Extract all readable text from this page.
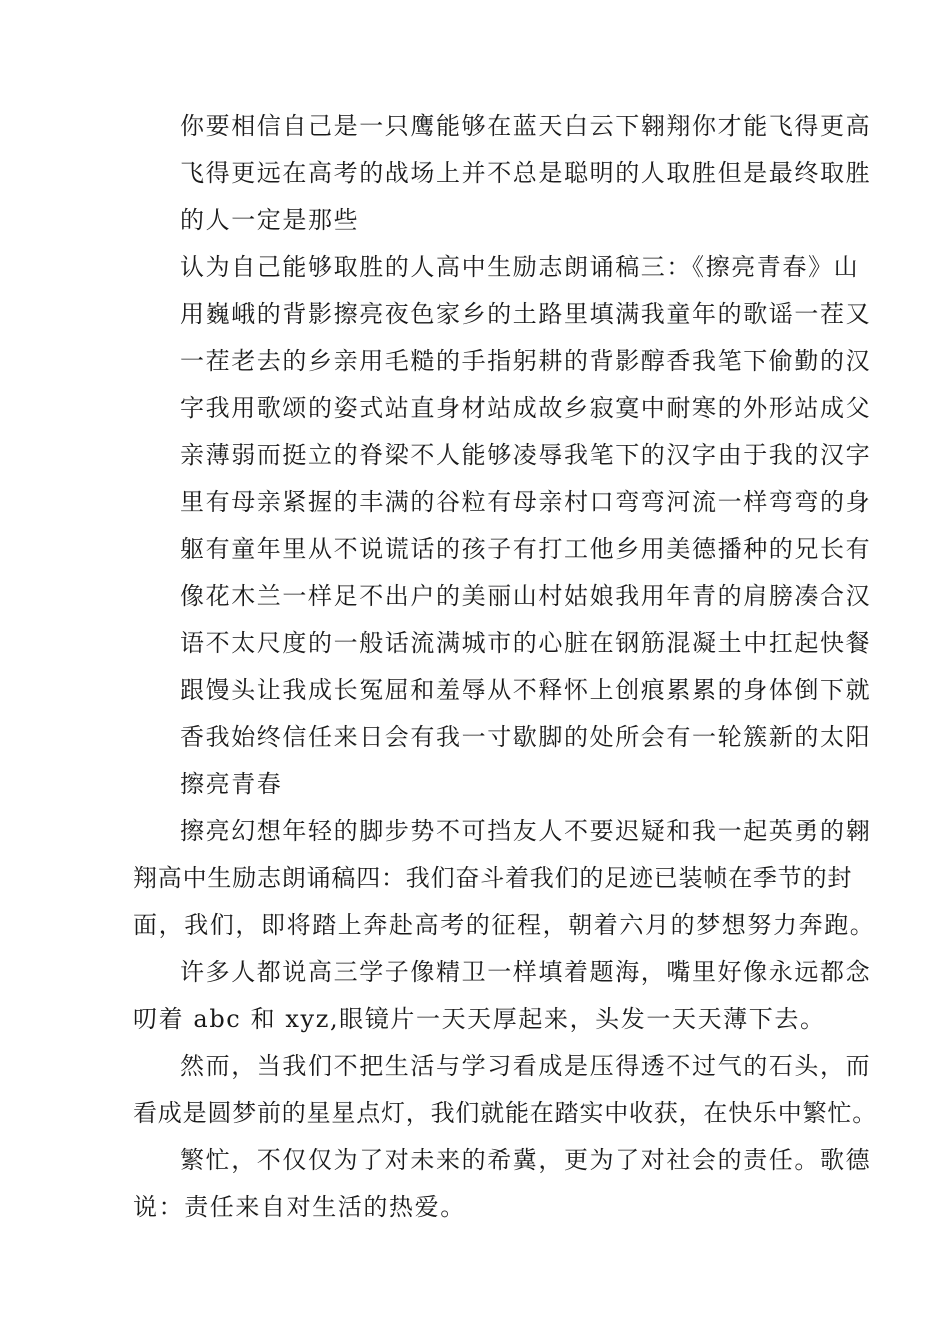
你要相信自己是一只鹰能够在蓝天白云下翱翔你才能飞得更高
飞得更远在高考的战场上并不总是聪明的人取胜但是最终取胜
的人一定是那些
认为自己能够取胜的人高中生励志朗诵稿三：《擦亮青春》山
用巍峨的背影擦亮夜色家乡的土路里填满我童年的歌谣一茬又
一茬老去的乡亲用毛糙的手指躬耕的背影醇香我笔下偷勤的汉
字我用歌颂的姿式站直身材站成故乡寂寞中耐寒的外形站成父
亲薄弱而挺立的脊梁不人能够凌辱我笔下的汉字由于我的汉字
里有母亲紧握的丰满的谷粒有母亲村口弯弯河流一样弯弯的身
躯有童年里从不说谎话的孩子有打工他乡用美德播种的兄长有
像花木兰一样足不出户的美丽山村姑娘我用年青的肩膀凑合汉
语不太尺度的一般话流满城市的心脏在钢筋混凝土中扛起快餐
跟馒头让我成长冤屈和羞辱从不释怀上创痕累累的身体倒下就
香我始终信任来日会有我一寸歇脚的处所会有一轮簇新的太阳
擦亮青春
擦亮幻想年轻的脚步势不可挡友人不要迟疑和我一起英勇的翱
翔高中生励志朗诵稿四：我们奋斗着我们的足迹已装帧在季节的封
面，我们，即将踏上奔赴高考的征程，朝着六月的梦想努力奔跑。
许多人都说高三学子像精卫一样填着题海，嘴里好像永远都念
叨着 abc 和 xyz,眼镜片一天天厚起来，头发一天天薄下去。
然而，当我们不把生活与学习看成是压得透不过气的石头，而
看成是圆梦前的星星点灯，我们就能在踏实中收获，在快乐中繁忙。
繁忙，不仅仅为了对未来的希冀，更为了对社会的责任。歌德
说：责任来自对生活的热爱。
